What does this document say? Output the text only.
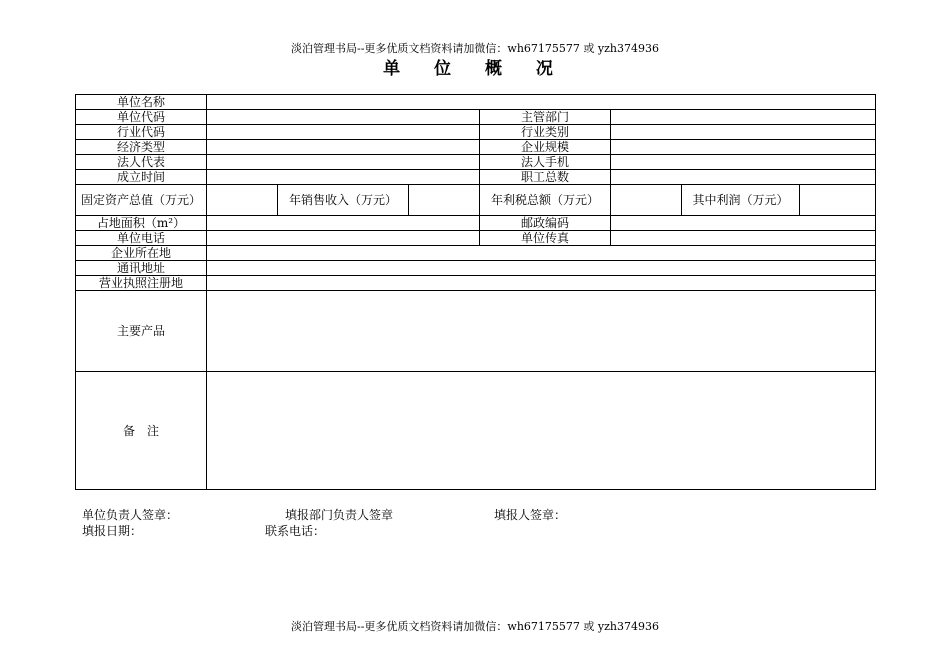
淡泊管理书局--更多优质文档资料请加微信：wh67175577 或 yzh374936
单 位 概 况
单位名称							
单位代码				主管部门			
行业代码				行业类别			
经济类型				企业规模			
法人代表				法人手机			
成立时间				职工总数			
固定资产总值（万元）		年销售收入（万元）		年利税总额（万元）		其中利润（万元）	
占地面积（m²）				邮政编码			
单位电话				单位传真			
企业所在地							
通讯地址							
营业执照注册地							
主要产品							
备　注							
单位负责人签章：	填报部门负责人签章	填报人签章：
填报日期：	联系电话：
淡泊管理书局--更多优质文档资料请加微信：wh67175577 或 yzh374936
